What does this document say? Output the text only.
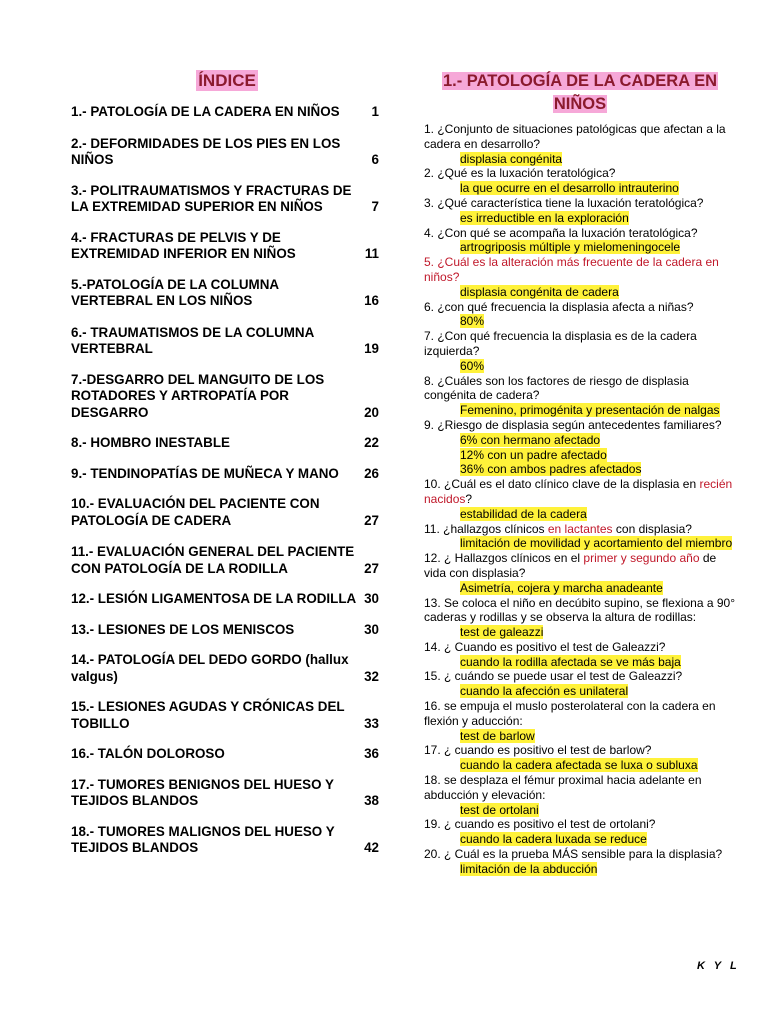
ÍNDICE
1.- PATOLOGÍA DE LA CADERA EN NIÑOS 1
2.- DEFORMIDADES DE LOS PIES EN LOS NIÑOS	6
3.- POLITRAUMATISMOS Y FRACTURAS DE LA EXTREMIDAD SUPERIOR EN NIÑOS	7
4.- FRACTURAS DE PELVIS Y DE EXTREMIDAD INFERIOR EN NIÑOS	11
5.-PATOLOGÍA DE LA COLUMNA VERTEBRAL EN LOS NIÑOS	16
6.- TRAUMATISMOS DE LA COLUMNA VERTEBRAL	19
7.-DESGARRO DEL MANGUITO DE LOS ROTADORES Y ARTROPATÍA POR DESGARRO	20
8.- HOMBRO INESTABLE	22
9.- TENDINOPATÍAS DE MUÑECA Y MANO 26
10.- EVALUACIÓN DEL PACIENTE CON PATOLOGÍA DE CADERA	27
11.- EVALUACIÓN GENERAL DEL PACIENTE CON PATOLOGÍA DE LA RODILLA	27
12.- LESIÓN LIGAMENTOSA DE LA RODILLA 30
13.- LESIONES DE LOS MENISCOS	30
14.- PATOLOGÍA DEL DEDO GORDO (hallux valgus)	32
15.- LESIONES AGUDAS Y CRÓNICAS DEL TOBILLO	33
16.- TALÓN DOLOROSO	36
17.- TUMORES BENIGNOS DEL HUESO Y TEJIDOS BLANDOS	38
18.- TUMORES MALIGNOS DEL HUESO Y TEJIDOS BLANDOS	42
1.- PATOLOGÍA DE LA CADERA EN
NIÑOS
1. ¿Conjunto de situaciones patológicas que afectan a la cadera en desarrollo?
displasia congénita
2. ¿Qué es la luxación teratológica?
la que ocurre en el desarrollo intrauterino
3. ¿Qué característica tiene la luxación teratológica?
es irreductible en la exploración
4. ¿Con qué se acompaña la luxación teratológica?
artrogriposis múltiple y mielomeningocele
5. ¿Cuál es la alteración más frecuente de la cadera en niños?
displasia congénita de cadera
6. ¿con qué frecuencia la displasia afecta a niñas?
80%
7. ¿Con qué frecuencia la displasia es de la cadera izquierda?
60%
8. ¿Cuáles son los factores de riesgo de displasia congénita de cadera?
Femenino, primogénita y presentación de nalgas
9. ¿Riesgo de displasia según antecedentes familiares?
6% con hermano afectado
12% con un padre afectado
36% con ambos padres afectados
10. ¿Cuál es el dato clínico clave de la displasia en recién nacidos?
estabilidad de la cadera
11. ¿hallazgos clínicos en lactantes con displasia?
limitación de movilidad y acortamiento del miembro
12. ¿ Hallazgos clínicos en el primer y segundo año de vida con displasia?
Asimetría, cojera y marcha anadeante
13. Se coloca el niño en decúbito supino, se flexiona a 90° caderas y rodillas y se observa la altura de rodillas:
test de galeazzi
14. ¿ Cuando es positivo el test de Galeazzi?
cuando la rodilla afectada se ve más baja
15. ¿ cuándo se puede usar el test de Galeazzi?
cuando la afección es unilateral
16. se empuja el muslo posterolateral con la cadera en flexión y aducción:
test de barlow
17. ¿ cuando es positivo el test de barlow?
cuando la cadera afectada se luxa o subluxa
18. se desplaza el fémur proximal hacia adelante en abducción y elevación:
test de ortolani
19. ¿ cuando es positivo el test de ortolani?
cuando la cadera luxada se reduce
20. ¿ Cuál es la prueba MÁS sensible para la displasia?
limitación de la abducción
K Y L
